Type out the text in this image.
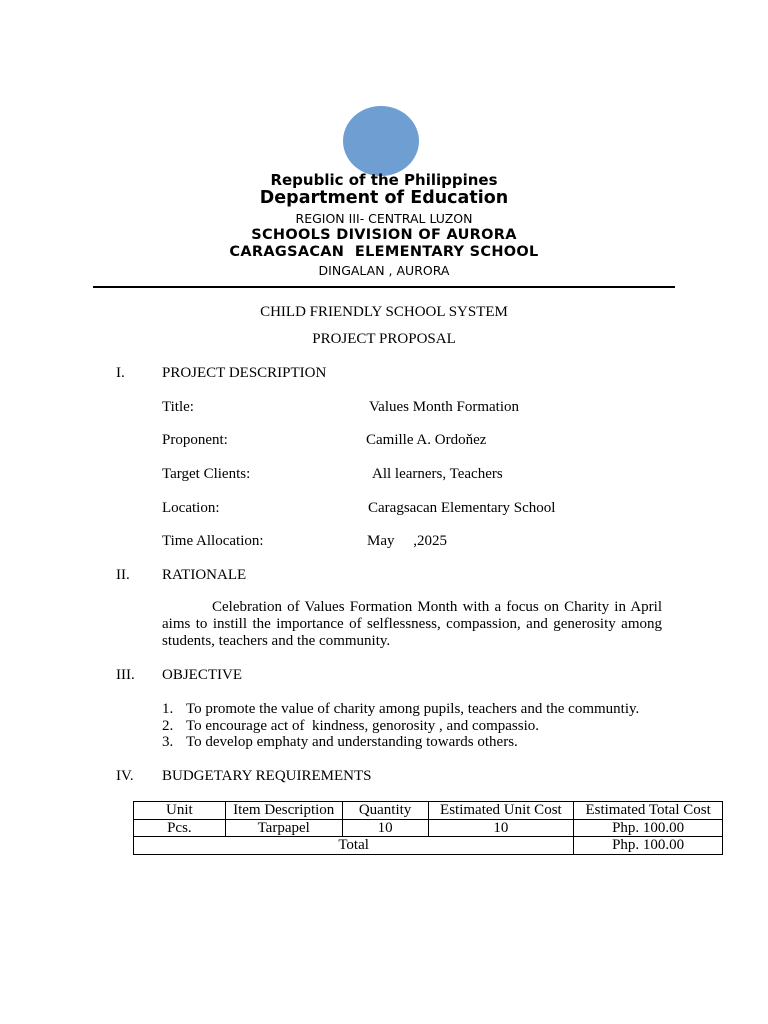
Republic of the Philippines
Department of Education
REGION III- CENTRAL LUZON
SCHOOLS DIVISION OF AURORA
CARAGSACAN  ELEMENTARY SCHOOL
DINGALAN , AURORA
CHILD FRIENDLY SCHOOL SYSTEM
PROJECT PROPOSAL
I. PROJECT DESCRIPTION
Title:	Values Month Formation
Proponent:	Camille A. Ordoňez
Target Clients:	All learners, Teachers
Location:	Caragsacan Elementary School
Time Allocation:	May     ,2025
II. RATIONALE
Celebration of Values Formation Month with a focus on Charity in April aims to instill the importance of selflessness, compassion, and generosity among students, teachers and the community.
III. OBJECTIVE
1. To promote the value of charity among pupils, teachers and the communtiy.
2. To encourage act of  kindness, genorosity , and compassio.
3. To develop emphaty and understanding towards others.
IV. BUDGETARY REQUIREMENTS
Unit	Item Description	Quantity	Estimated Unit Cost	Estimated Total Cost
Pcs.	Tarpapel	10	10	Php. 100.00
Total				Php. 100.00
